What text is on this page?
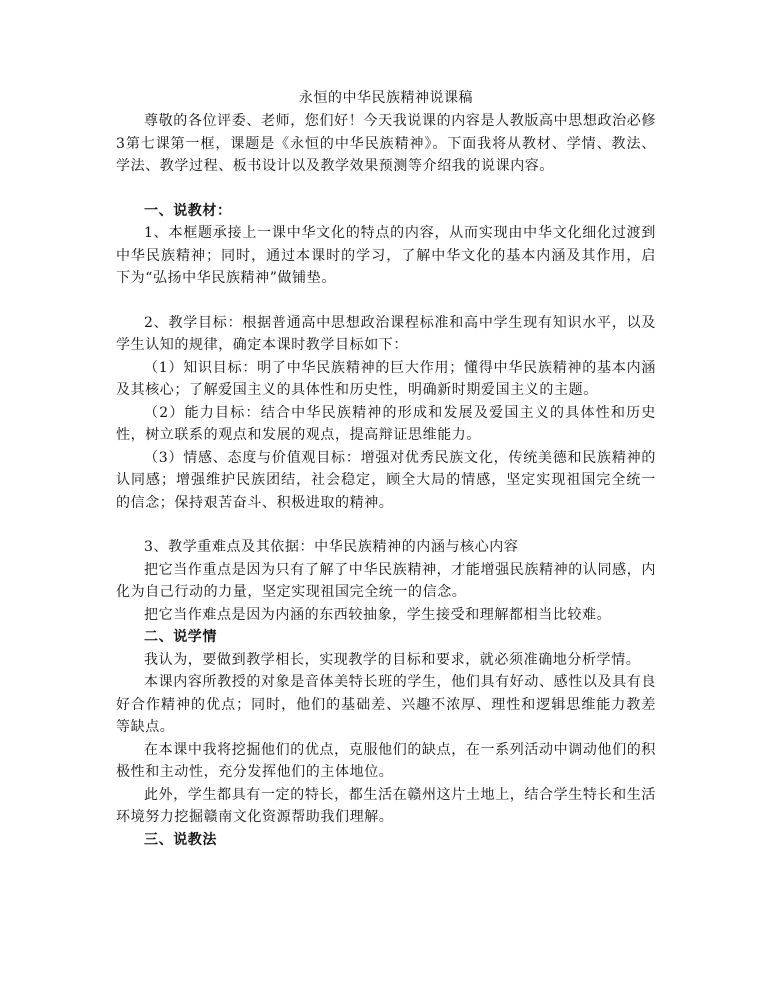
永恒的中华民族精神说课稿

尊敬的各位评委、老师，您们好！今天我说课的内容是人教版高中思想政治必修3第七课第一框，课题是《永恒的中华民族精神》。下面我将从教材、学情、教法、学法、教学过程、板书设计以及教学效果预测等介绍我的说课内容。

一、说教材：

1、本框题承接上一课中华文化的特点的内容，从而实现由中华文化细化过渡到中华民族精神；同时，通过本课时的学习，了解中华文化的基本内涵及其作用，启下为“弘扬中华民族精神”做铺垫。

2、教学目标：根据普通高中思想政治课程标准和高中学生现有知识水平，以及学生认知的规律，确定本课时教学目标如下：

（1）知识目标：明了中华民族精神的巨大作用；懂得中华民族精神的基本内涵及其核心；了解爱国主义的具体性和历史性，明确新时期爱国主义的主题。

（2）能力目标：结合中华民族精神的形成和发展及爱国主义的具体性和历史性，树立联系的观点和发展的观点，提高辩证思维能力。

（3）情感、态度与价值观目标：增强对优秀民族文化，传统美德和民族精神的认同感；增强维护民族团结，社会稳定，顾全大局的情感，坚定实现祖国完全统一的信念；保持艰苦奋斗、积极进取的精神。

3、教学重难点及其依据：中华民族精神的内涵与核心内容

把它当作重点是因为只有了解了中华民族精神，才能增强民族精神的认同感，内化为自己行动的力量，坚定实现祖国完全统一的信念。

把它当作难点是因为内涵的东西较抽象，学生接受和理解都相当比较难。

二、说学情

我认为，要做到教学相长，实现教学的目标和要求，就必须准确地分析学情。

本课内容所教授的对象是音体美特长班的学生，他们具有好动、感性以及具有良好合作精神的优点；同时，他们的基础差、兴趣不浓厚、理性和逻辑思维能力教差等缺点。

在本课中我将挖掘他们的优点，克服他们的缺点，在一系列活动中调动他们的积极性和主动性，充分发挥他们的主体地位。

此外，学生都具有一定的特长，都生活在赣州这片土地上，结合学生特长和生活环境努力挖掘赣南文化资源帮助我们理解。

三、说教法
